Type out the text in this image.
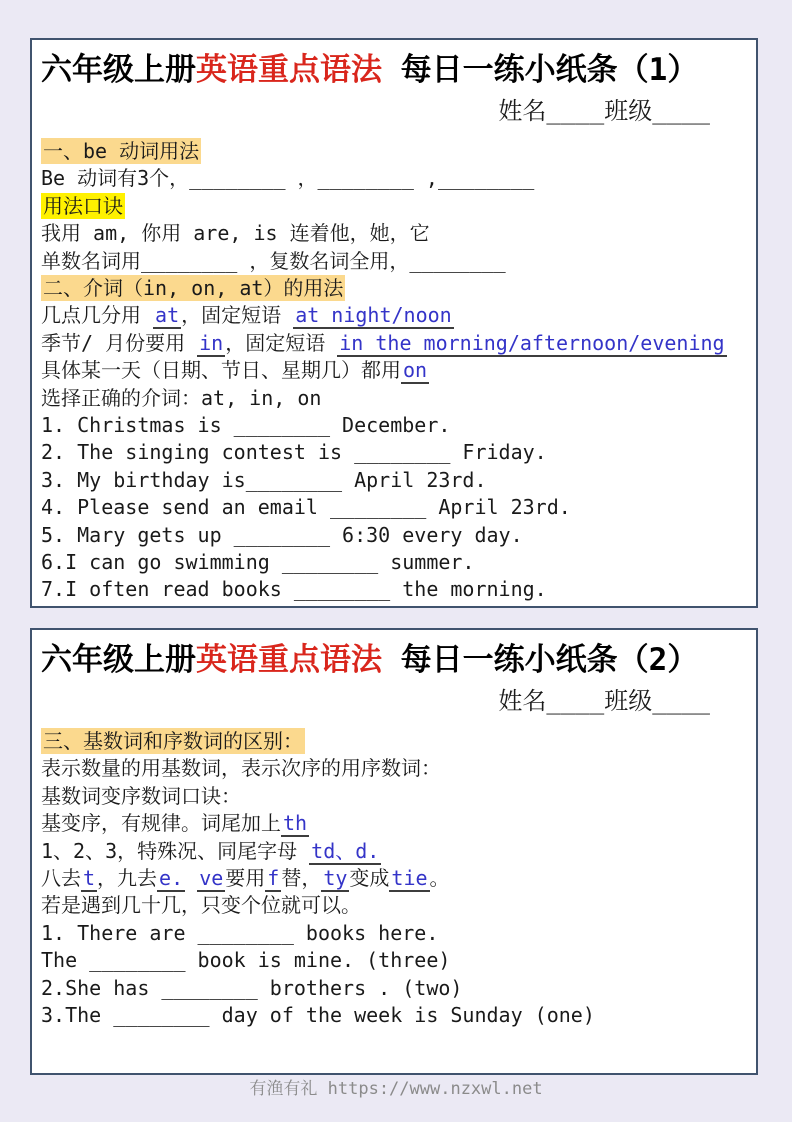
六年级上册英语重点语法 每日一练小纸条（1）
姓名____班级____
一、be 动词用法
Be 动词有3个，________ ，________ ,________
用法口诀
我用 am, 你用 are, is 连着他，她，它
单数名词用________ ，复数名词全用，________
二、介词（in, on, at）的用法
几点几分用 at ，固定短语 at night/noon
季节/ 月份要用 in ，固定短语 in the morning/afternoon/evening
具体某一天（日期、节日、星期几）都用 on
选择正确的介词：at, in, on
1. Christmas is ________ December.
2. The singing contest is ________ Friday.
3. My birthday is________ April 23rd.
4. Please send an email ________ April 23rd.
5. Mary gets up ________ 6:30 every day.
6.I can go swimming ________ summer.
7.I often read books ________ the morning.
六年级上册英语重点语法 每日一练小纸条（2）
姓名____班级____
三、基数词和序数词的区别：
表示数量的用基数词，表示次序的用序数词：
基数词变序数词口诀：
基变序，有规律。词尾加上 th
1、2、3，特殊况、同尾字母 td、d.
八去 t ，九去 e. ve 要用 f 替， ty 变成 tie 。
若是遇到几十几，只变个位就可以。
1. There are ________ books here.
The ________ book is mine. (three)
2.She has ________ brothers . (two)
3.The ________ day of the week is Sunday (one)
有渔有礼 https://www.nzxwl.net
